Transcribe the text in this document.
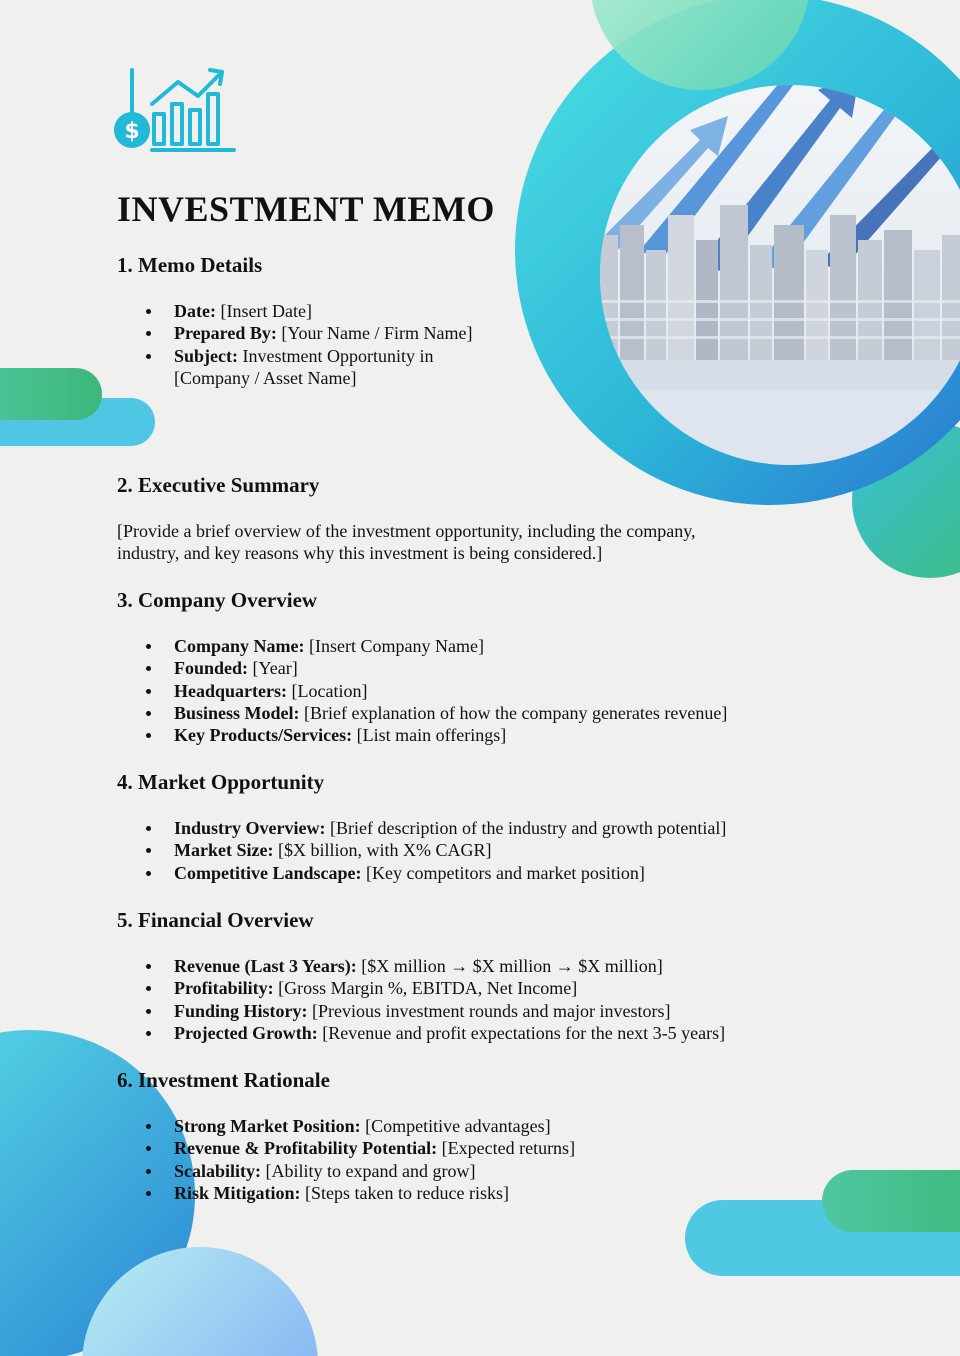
$
INVESTMENT MEMO
1. Memo Details
Date: [Insert Date]
Prepared By: [Your Name / Firm Name]
Subject: Investment Opportunity in
[Company / Asset Name]
2. Executive Summary

[Provide a brief overview of the investment opportunity, including the company,
industry, and key reasons why this investment is being considered.]

3. Company Overview
Company Name: [Insert Company Name]
Founded: [Year]
Headquarters: [Location]
Business Model: [Brief explanation of how the company generates revenue]
Key Products/Services: [List main offerings]
4. Market Opportunity
Industry Overview: [Brief description of the industry and growth potential]
Market Size: [$X billion, with X% CAGR]
Competitive Landscape: [Key competitors and market position]
5. Financial Overview
Revenue (Last 3 Years): [$X million → $X million → $X million]
Profitability: [Gross Margin %, EBITDA, Net Income]
Funding History: [Previous investment rounds and major investors]
Projected Growth: [Revenue and profit expectations for the next 3-5 years]
6. Investment Rationale
Strong Market Position: [Competitive advantages]
Revenue & Profitability Potential: [Expected returns]
Scalability: [Ability to expand and grow]
Risk Mitigation: [Steps taken to reduce risks]
